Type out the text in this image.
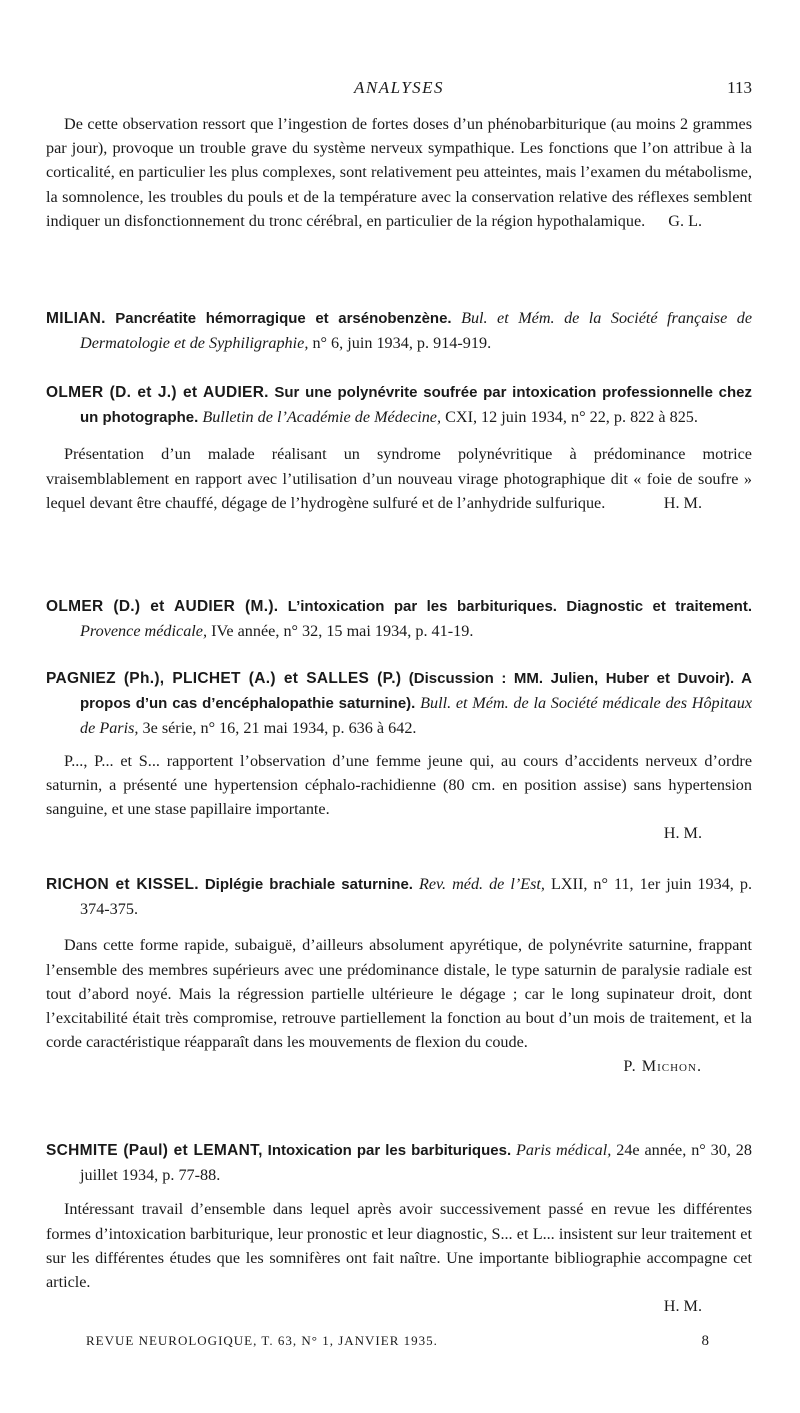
ANALYSES	113

De cette observation ressort que l’ingestion de fortes doses d’un phénobarbiturique (au moins 2 grammes par jour), provoque un trouble grave du système nerveux sympathique. Les fonctions que l’on attribue à la corticalité, en particulier les plus complexes, sont relativement peu atteintes, mais l’examen du métabolisme, la somnolence, les troubles du pouls et de la température avec la conservation relative des réflexes semblent indiquer un disfonctionnement du tronc cérébral, en particulier de la région hypothalamique.	G. L.

MILIAN. Pancréatite hémorragique et arsénobenzène. Bul. et Mém. de la Société française de Dermatologie et de Syphiligraphie, n° 6, juin 1934, p. 914-919.

OLMER (D. et J.) et AUDIER. Sur une polynévrite soufrée par intoxication professionnelle chez un photographe. Bulletin de l’Académie de Médecine, CXI, 12 juin 1934, n° 22, p. 822 à 825.

Présentation d’un malade réalisant un syndrome polynévritique à prédominance motrice vraisemblablement en rapport avec l’utilisation d’un nouveau virage photographique dit « foie de soufre » lequel devant être chauffé, dégage de l’hydrogène sulfuré et de l’anhydride sulfurique.	H. M.

OLMER (D.) et AUDIER (M.). L’intoxication par les barbituriques. Diagnostic et traitement. Provence médicale, IVe année, n° 32, 15 mai 1934, p. 41-19.

PAGNIEZ (Ph.), PLICHET (A.) et SALLES (P.) (Discussion : MM. Julien, Huber et Duvoir). A propos d’un cas d’encéphalopathie saturnine). Bull. et Mém. de la Société médicale des Hôpitaux de Paris, 3e série, n° 16, 21 mai 1934, p. 636 à 642.

P..., P... et S... rapportent l’observation d’une femme jeune qui, au cours d’accidents nerveux d’ordre saturnin, a présenté une hypertension céphalo-rachidienne (80 cm. en position assise) sans hypertension sanguine, et une stase papillaire importante.

H. M.

RICHON et KISSEL. Diplégie brachiale saturnine. Rev. méd. de l’Est, LXII, n° 11, 1er juin 1934, p. 374-375.

Dans cette forme rapide, subaiguë, d’ailleurs absolument apyrétique, de polynévrite saturnine, frappant l’ensemble des membres supérieurs avec une prédominance distale, le type saturnin de paralysie radiale est tout d’abord noyé. Mais la régression partielle ultérieure le dégage ; car le long supinateur droit, dont l’excitabilité était très compromise, retrouve partiellement la fonction au bout d’un mois de traitement, et la corde caractéristique réapparaît dans les mouvements de flexion du coude.

P. Michon.

SCHMITE (Paul) et LEMANT, Intoxication par les barbituriques. Paris médical, 24e année, n° 30, 28 juillet 1934, p. 77-88.

Intéressant travail d’ensemble dans lequel après avoir successivement passé en revue les différentes formes d’intoxication barbiturique, leur pronostic et leur diagnostic, S... et L... insistent sur leur traitement et sur les différentes études que les somnifères ont fait naître. Une importante bibliographie accompagne cet article.

H. M.

REVUE NEUROLOGIQUE, T. 63, N° 1, JANVIER 1935.	8
